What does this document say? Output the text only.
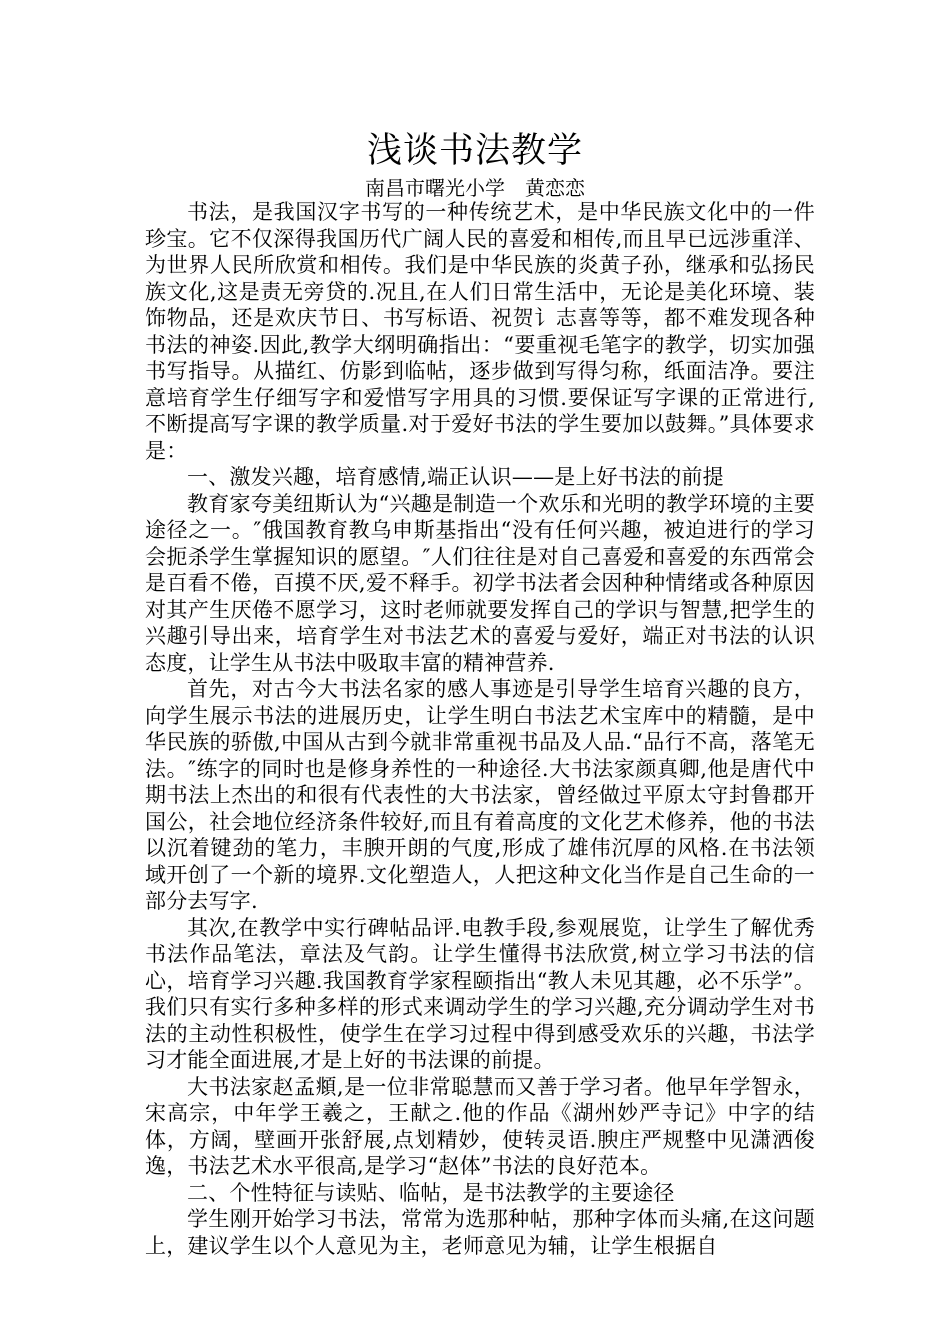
浅谈书法教学
南昌市曙光小学　黄恋恋

书法，是我国汉字书写的一种传统艺术，是中华民族文化中的一件珍宝。它不仅深得我国历代广阔人民的喜爱和相传,而且早已远涉重洋、为世界人民所欣赏和相传。我们是中华民族的炎黄子孙，继承和弘扬民族文化,这是责无旁贷的.况且,在人们日常生活中，无论是美化环境、装饰物品，还是欢庆节日、书写标语、祝贺讠志喜等等，都不难发现各种书法的神姿.因此,教学大纲明确指出：“要重视毛笔字的教学，切实加强书写指导。从描红、仿影到临帖，逐步做到写得匀称，纸面洁净。要注意培育学生仔细写字和爱惜写字用具的习惯.要保证写字课的正常进行,不断提高写字课的教学质量.对于爱好书法的学生要加以鼓舞。”具体要求是：

一、激发兴趣，培育感情,端正认识——是上好书法的前提

教育家夸美纽斯认为“兴趣是制造一个欢乐和光明的教学环境的主要途径之一。″俄国教育教乌申斯基指出“没有任何兴趣，被迫进行的学习会扼杀学生掌握知识的愿望。″人们往往是对自己喜爱和喜爱的东西常会是百看不倦，百摸不厌,爱不释手。初学书法者会因种种情绪或各种原因对其产生厌倦不愿学习，这时老师就要发挥自己的学识与智慧,把学生的兴趣引导出来，培育学生对书法艺术的喜爱与爱好，端正对书法的认识态度，让学生从书法中吸取丰富的精神营养.

首先，对古今大书法名家的感人事迹是引导学生培育兴趣的良方，向学生展示书法的进展历史，让学生明白书法艺术宝库中的精髓，是中华民族的骄傲,中国从古到今就非常重视书品及人品.“品行不高，落笔无法。″练字的同时也是修身养性的一种途径.大书法家颜真卿,他是唐代中期书法上杰出的和很有代表性的大书法家，曾经做过平原太守封鲁郡开国公，社会地位经济条件较好,而且有着高度的文化艺术修养，他的书法以沉着键劲的笔力，丰腴开朗的气度,形成了雄伟沉厚的风格.在书法领域开创了一个新的境界.文化塑造人，人把这种文化当作是自己生命的一部分去写字.

其次,在教学中实行碑帖品评.电教手段,参观展览，让学生了解优秀书法作品笔法，章法及气韵。让学生懂得书法欣赏,树立学习书法的信心，培育学习兴趣.我国教育学家程颐指出“教人未见其趣，必不乐学”。我们只有实行多种多样的形式来调动学生的学习兴趣,充分调动学生对书法的主动性积极性，使学生在学习过程中得到感受欢乐的兴趣，书法学习才能全面进展,才是上好的书法课的前提。

大书法家赵孟頫,是一位非常聪慧而又善于学习者。他早年学智永，宋高宗，中年学王羲之，王献之.他的作品《湖州妙严寺记》中字的结体，方阔，壁画开张舒展,点划精妙，使转灵语.腴庄严规整中见潇洒俊逸，书法艺术水平很高,是学习“赵体”书法的良好范本。

二、个性特征与读贴、临帖，是书法教学的主要途径

学生刚开始学习书法，常常为选那种帖，那种字体而头痛,在这问题上，建议学生以个人意见为主，老师意见为辅，让学生根据自
